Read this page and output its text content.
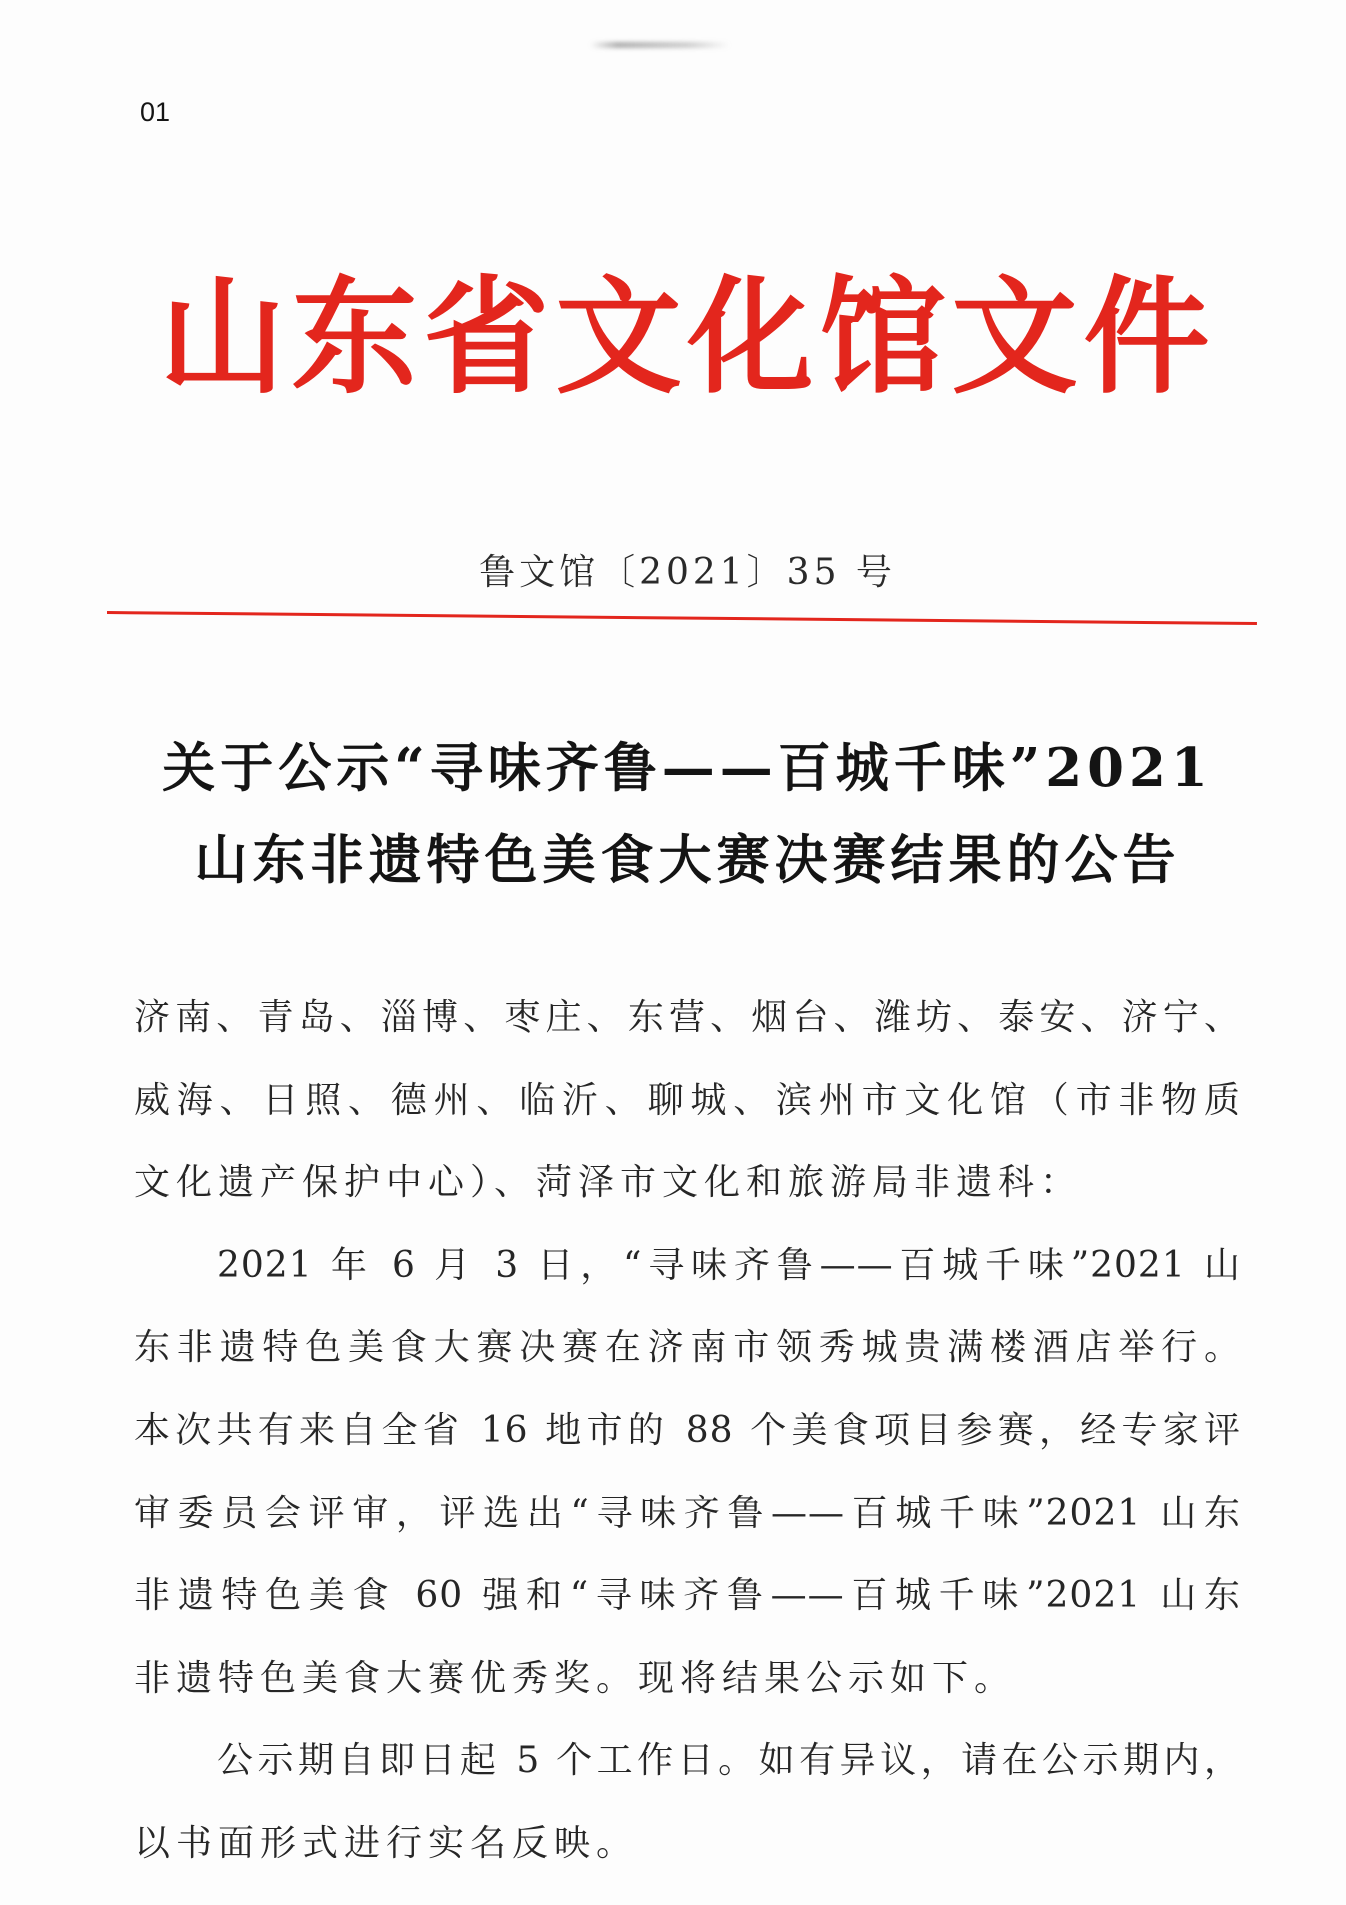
01
山东省文化馆文件
鲁文馆〔2021〕35 号
关于公示“寻味齐鲁——百城千味”2021
山东非遗特色美食大赛决赛结果的公告
济南、青岛、淄博、枣庄、东营、烟台、潍坊、泰安、济宁、
威海、日照、德州、临沂、聊城、滨州市文化馆（市非物质
文化遗产保护中心）、菏泽市文化和旅游局非遗科：
2021 年 6 月 3 日，“寻味齐鲁——百城千味”2021 山
东非遗特色美食大赛决赛在济南市领秀城贵满楼酒店举行。
本次共有来自全省 16 地市的 88 个美食项目参赛，经专家评
审委员会评审，评选出“寻味齐鲁——百城千味”2021 山东
非遗特色美食 60 强和“寻味齐鲁——百城千味”2021 山东
非遗特色美食大赛优秀奖。现将结果公示如下。
公示期自即日起 5 个工作日。如有异议，请在公示期内，
以书面形式进行实名反映。
